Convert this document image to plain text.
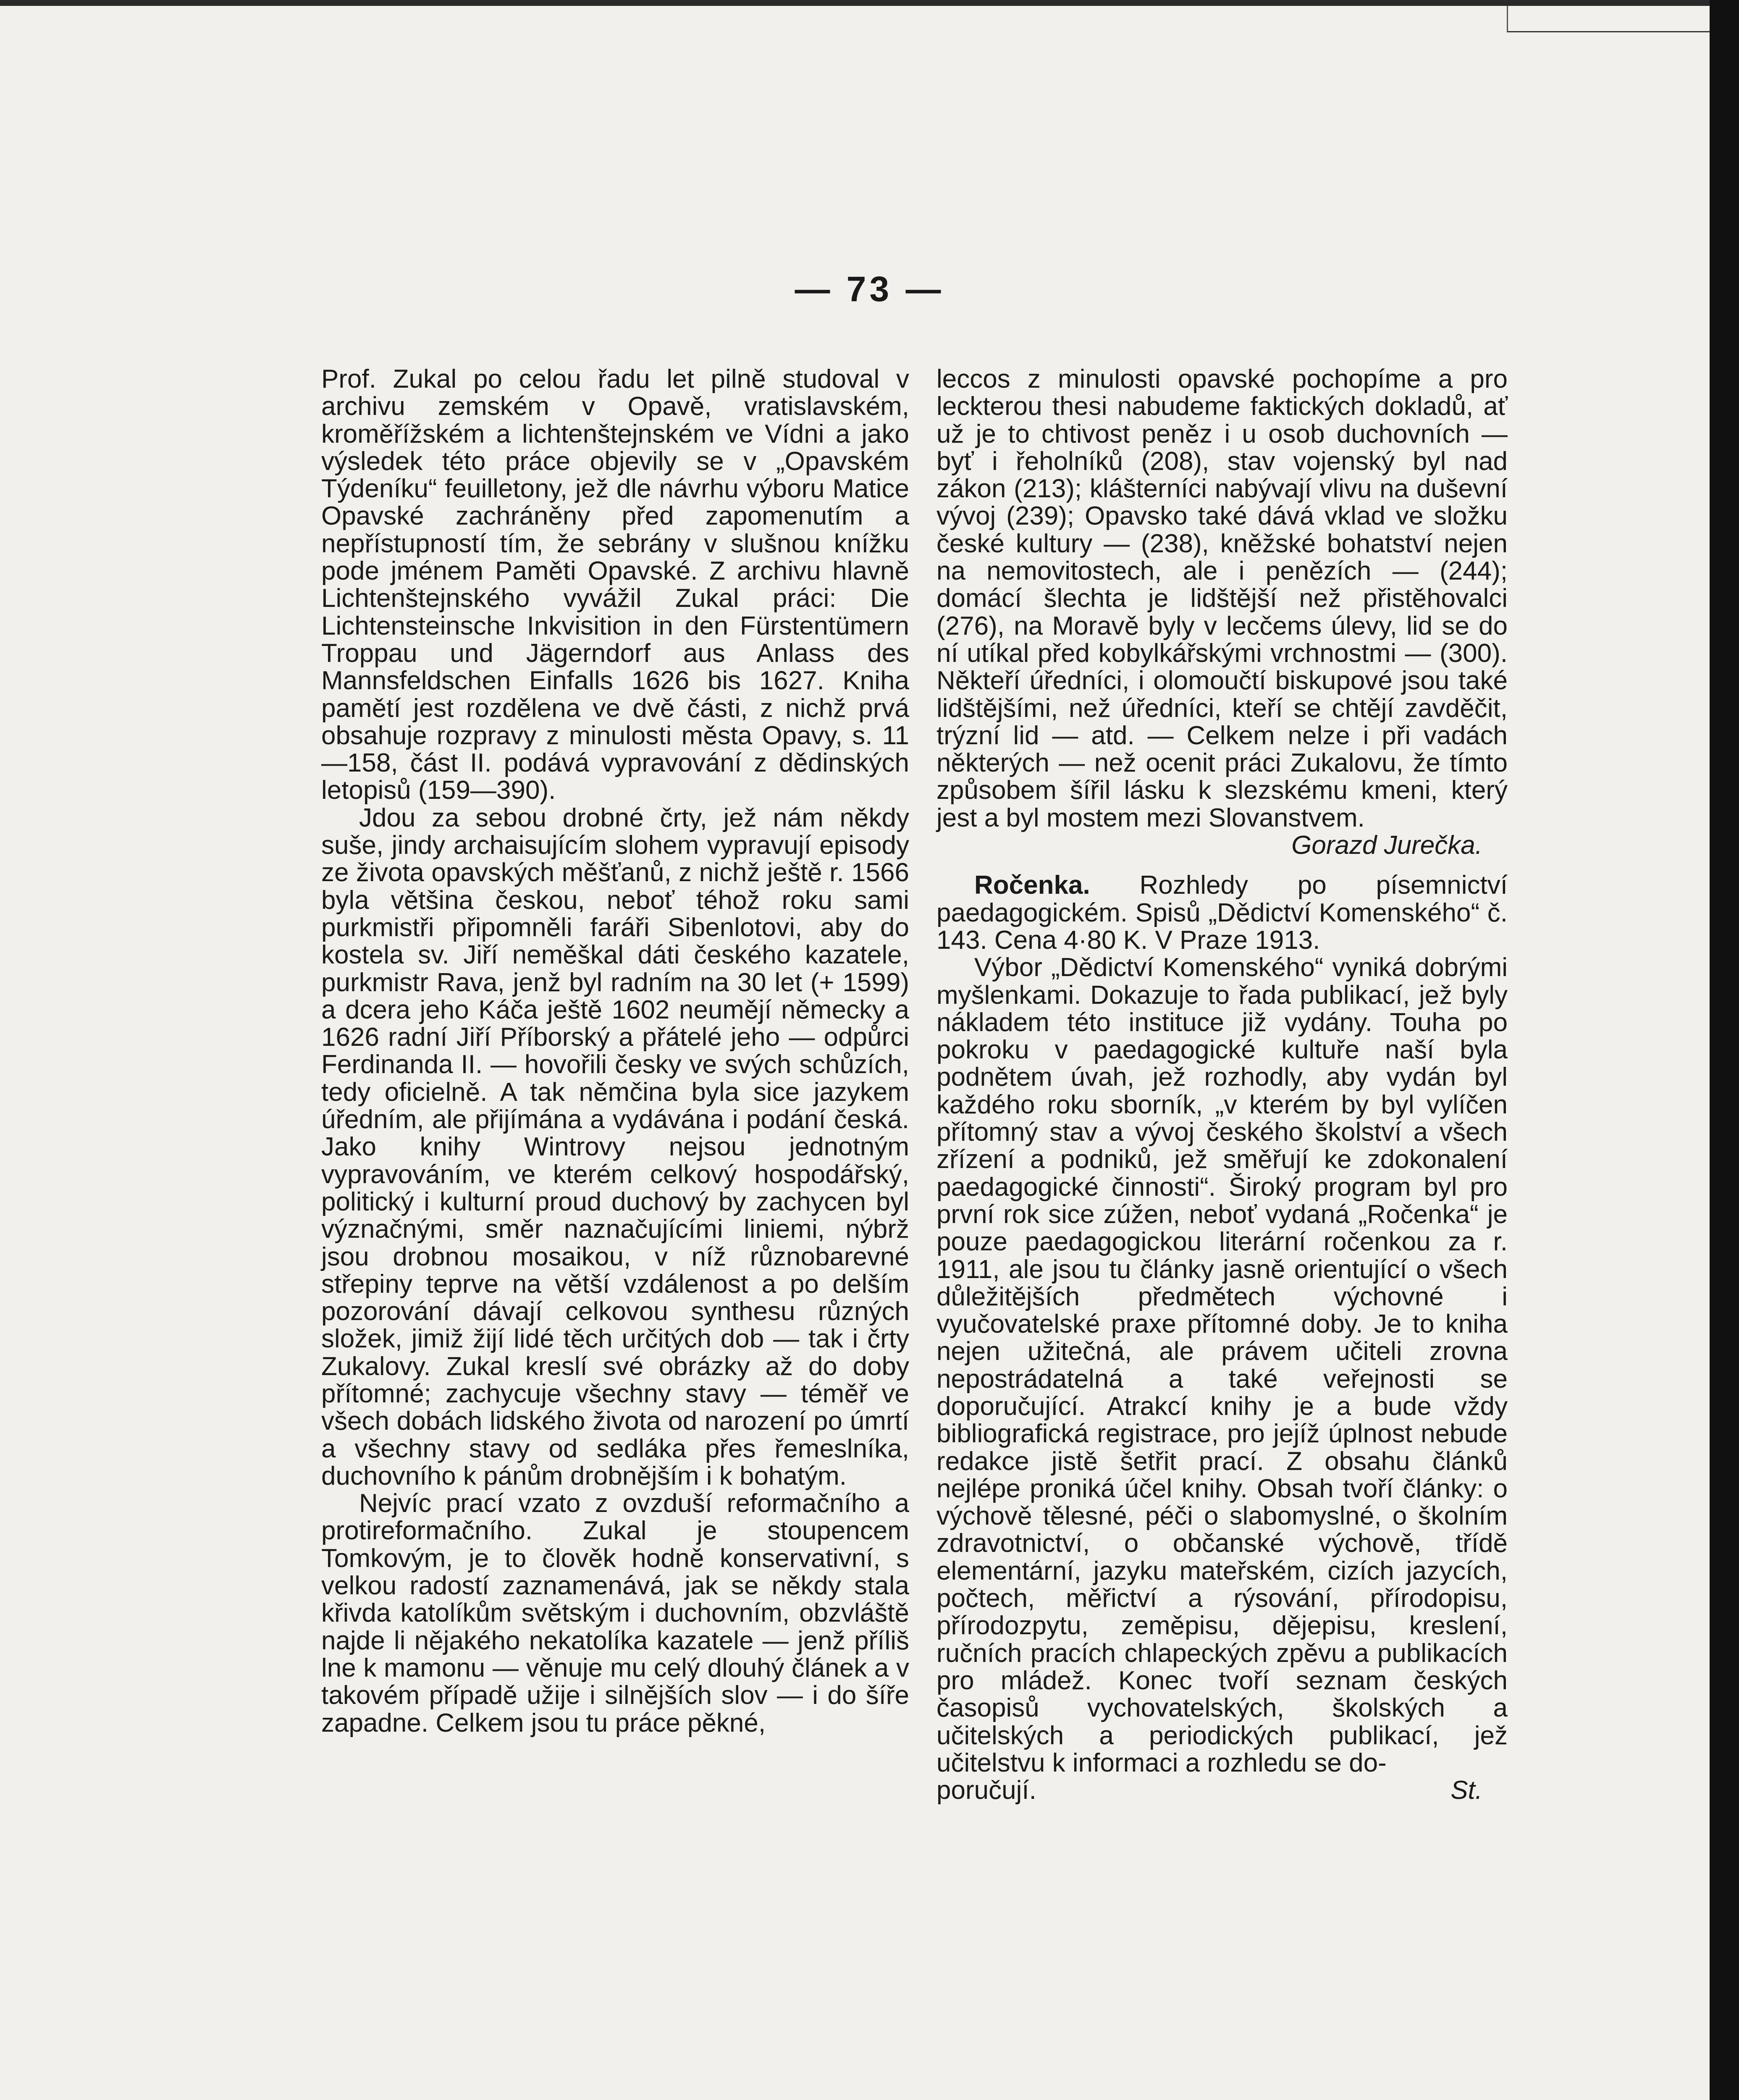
— 73 —

Prof. Zukal po celou řadu let pilně studoval v archivu zemském v Opavě, vratislavském, kroměřížském a lichtenštejnském ve Vídni a jako výsledek této práce objevily se v „Opavském Týdeníku“ feuilletony, jež dle návrhu výboru Matice Opavské zachráněny před zapomenutím a nepřístupností tím, že sebrány v slušnou knížku pode jménem Paměti Opavské. Z archivu hlavně Lichtenštejnského vyvážil Zukal práci: Die Lichtensteinsche Inkvisition in den Fürstentümern Troppau und Jägerndorf aus Anlass des Mannsfeldschen Einfalls 1626 bis 1627. Kniha pamětí jest rozdělena ve dvě části, z nichž prvá obsahuje rozpravy z minulosti města Opavy, s. 11—158, část II. podává vypravování z dědinských letopisů (159—390).

Jdou za sebou drobné črty, jež nám někdy suše, jindy archaisujícím slohem vypravují episody ze života opavských měšťanů, z nichž ještě r. 1566 byla většina českou, neboť téhož roku sami purkmistři připomněli faráři Sibenlotovi, aby do kostela sv. Jiří neměškal dáti českého kazatele, purkmistr Rava, jenž byl radním na 30 let (+ 1599) a dcera jeho Káča ještě 1602 neumějí německy a 1626 radní Jiří Příborský a přátelé jeho — odpůrci Ferdinanda II. — hovořili česky ve svých schůzích, tedy oficielně. A tak němčina byla sice jazykem úředním, ale přijímána a vydávána i podání česká. Jako knihy Wintrovy nejsou jednotným vypravováním, ve kterém celkový hospodářský, politický i kulturní proud duchový by zachycen byl význačnými, směr naznačujícími liniemi, nýbrž jsou drobnou mosaikou, v níž různobarevné střepiny teprve na větší vzdálenost a po delším pozorování dávají celkovou synthesu různých složek, jimiž žijí lidé těch určitých dob — tak i črty Zukalovy. Zukal kreslí své obrázky až do doby přítomné; zachycuje všechny stavy — téměř ve všech dobách lidského života od narození po úmrtí a všechny stavy od sedláka přes řemeslníka, duchovního k pánům drobnějším i k bohatým.

Nejvíc prací vzato z ovzduší reformačního a protireformačního. Zukal je stoupencem Tomkovým, je to člověk hodně konservativní, s velkou radostí zaznamenává, jak se někdy stala křivda katolíkům světským i duchovním, obzvláště najde li nějakého nekatolíka kazatele — jenž příliš lne k mamonu — věnuje mu celý dlouhý článek a v takovém případě užije i silnějších slov — i do šíře zapadne. Celkem jsou tu práce pěkné,

leccos z minulosti opavské pochopíme a pro leckterou thesi nabudeme faktických dokladů, ať už je to chtivost peněz i u osob duchovních — byť i řeholníků (208), stav vojenský byl nad zákon (213); klášterníci nabývají vlivu na duševní vývoj (239); Opavsko také dává vklad ve složku české kultury — (238), kněžské bohatství nejen na nemovitostech, ale i penězích — (244); domácí šlechta je lidštější než přistěhovalci (276), na Moravě byly v lecčems úlevy, lid se do ní utíkal před kobylkářskými vrchnostmi — (300). Někteří úředníci, i olomoučtí biskupové jsou také lidštějšími, než úředníci, kteří se chtějí zavděčit, trýzní lid — atd. — Celkem nelze i při vadách některých — než ocenit práci Zukalovu, že tímto způsobem šířil lásku k slezskému kmeni, který jest a byl mostem mezi Slovanstvem.

Gorazd Jurečka.

Ročenka. Rozhledy po písemnictví paedagogickém. Spisů „Dědictví Komenského“ č. 143. Cena 4·80 K. V Praze 1913.

Výbor „Dědictví Komenského“ vyniká dobrými myšlenkami. Dokazuje to řada publikací, jež byly nákladem této instituce již vydány. Touha po pokroku v paedagogické kultuře naší byla podnětem úvah, jež rozhodly, aby vydán byl každého roku sborník, „v kterém by byl vylíčen přítomný stav a vývoj českého školství a všech zřízení a podniků, jež směřují ke zdokonalení paedagogické činnosti“. Široký program byl pro první rok sice zúžen, neboť vydaná „Ročenka“ je pouze paedagogickou literární ročenkou za r. 1911, ale jsou tu články jasně orientující o všech důležitějších předmětech výchovné i vyučovatelské praxe přítomné doby. Je to kniha nejen užitečná, ale právem učiteli zrovna nepostrádatelná a také veřejnosti se doporučující. Atrakcí knihy je a bude vždy bibliografická registrace, pro jejíž úplnost nebude redakce jistě šetřit prací. Z obsahu článků nejlépe proniká účel knihy. Obsah tvoří články: o výchově tělesné, péči o slabomyslné, o školním zdravotnictví, o občanské výchově, třídě elementární, jazyku mateřském, cizích jazycích, počtech, měřictví a rýsování, přírodopisu, přírodozpytu, zeměpisu, dějepisu, kreslení, ručních pracích chlapeckých zpěvu a publikacích pro mládež. Konec tvoří seznam českých časopisů vychovatelských, školských a učitelských a periodických publikací, jež učitelstvu k informaci a rozhledu se do-

poručují.	St.
